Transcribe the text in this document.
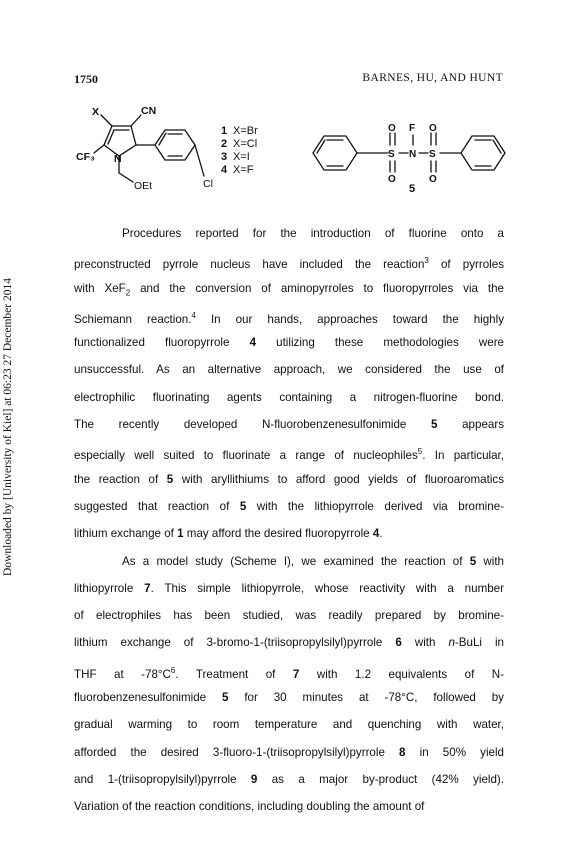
Downloaded by [University of Kiel] at 06:23 27 December 2014
1750	BARNES, HU, AND HUNT
X	CN
CF₃ N
OEt	Cl
1 X=Br
2 X=Cl
3 X=I
4 X=F
O F O
S N S
O	O
5

Procedures reported for the introduction of fluorine onto a
preconstructed pyrrole nucleus have included the reaction$^3$ of pyrroles
with XeF$_2$ and the conversion of aminopyrroles to fluoropyrroles via the
Schiemann reaction.$^4$ In our hands, approaches toward the highly
functionalized fluoropyrrole 4 utilizing these methodologies were
unsuccessful. As an alternative approach, we considered the use of
electrophilic fluorinating agents containing a nitrogen-fluorine bond.
The recently developed N-fluorobenzenesulfonimide 5 appears
especially well suited to fluorinate a range of nucleophiles$^5$. In particular,
the reaction of 5 with aryllithiums to afford good yields of fluoroaromatics
suggested that reaction of 5 with the lithiopyrrole derived via bromine-
lithium exchange of 1 may afford the desired fluoropyrrole 4.

As a model study (Scheme I), we examined the reaction of 5 with
lithiopyrrole 7. This simple lithiopyrrole, whose reactivity with a number
of electrophiles has been studied, was readily prepared by bromine-
lithium exchange of 3-bromo-1-(triisopropylsilyl)pyrrole 6 with n-BuLi in
THF at $-78^\circ C^6$. Treatment of 7 with 1.2 equivalents of N-
fluorobenzenesulfonimide 5 for 30 minutes at -78°C, followed by
gradual warming to room temperature and quenching with water,
afforded the desired 3-fluoro-1-(triisopropylsilyl)pyrrole 8 in 50% yield
and 1-(triisopropylsilyl)pyrrole 9 as a major by-product (42% yield).
Variation of the reaction conditions, including doubling the amount of
